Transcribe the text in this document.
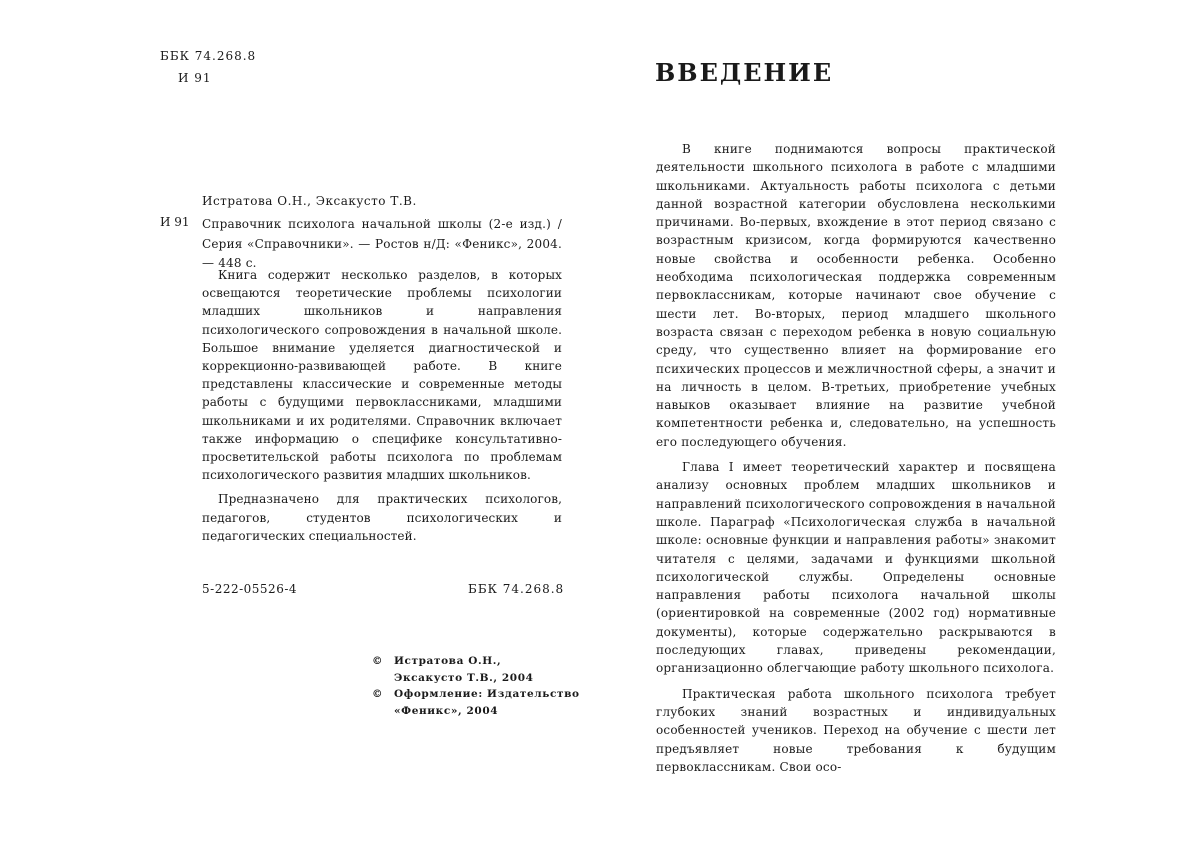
ББК 74.268.8
И 91
Истратова О.Н., Эксакусто Т.В.
И 91 Справочник психолога начальной школы (2-е изд.) / Серия «Справочники». — Ростов н/Д: «Феникс», 2004. — 448 с.

Книга содержит несколько разделов, в которых освещаются теоретические проблемы психологии младших школьников и направления психологического сопровождения в начальной школе. Большое внимание уделяется диагностической и коррекционно-развивающей работе. В книге представлены классические и современные методы работы с будущими первоклассниками, младшими школьниками и их родителями. Справочник включает также информацию о специфике консультативно-просветительской работы психолога по проблемам психологического развития младших школьников.

Предназначено для практических психологов, педагогов, студентов психологических и педагогических специальностей.

5-222-05526-4	ББК 74.268.8
© Истратова О.Н.,
Эксакусто Т.В., 2004
© Оформление: Издательство
«Феникс», 2004
ВВЕДЕНИЕ

В книге поднимаются вопросы практической деятельности школьного психолога в работе с младшими школьниками. Актуальность работы психолога с детьми данной возрастной категории обусловлена несколькими причинами. Во-первых, вхождение в этот период связано с возрастным кризисом, когда формируются качественно новые свойства и особенности ребенка. Особенно необходима психологическая поддержка современным первоклассникам, которые начинают свое обучение с шести лет. Во-вторых, период младшего школьного возраста связан с переходом ребенка в новую социальную среду, что существенно влияет на формирование его психических процессов и межличностной сферы, а значит и на личность в целом. В-третьих, приобретение учебных навыков оказывает влияние на развитие учебной компетентности ребенка и, следовательно, на успешность его последующего обучения.

Глава I имеет теоретический характер и посвящена анализу основных проблем младших школьников и направлений психологического сопровождения в начальной школе. Параграф «Психологическая служба в начальной школе: основные функции и направления работы» знакомит читателя с целями, задачами и функциями школьной психологической службы. Определены основные направления работы психолога начальной школы (ориентировкой на современные (2002 год) нормативные документы), которые содержательно раскрываются в последующих главах, приведены рекомендации, организационно облегчающие работу школьного психолога.

Практическая работа школьного психолога требует глубоких знаний возрастных и индивидуальных особенностей учеников. Переход на обучение с шести лет предъявляет новые требования к будущим первоклассникам. Свои осо-
